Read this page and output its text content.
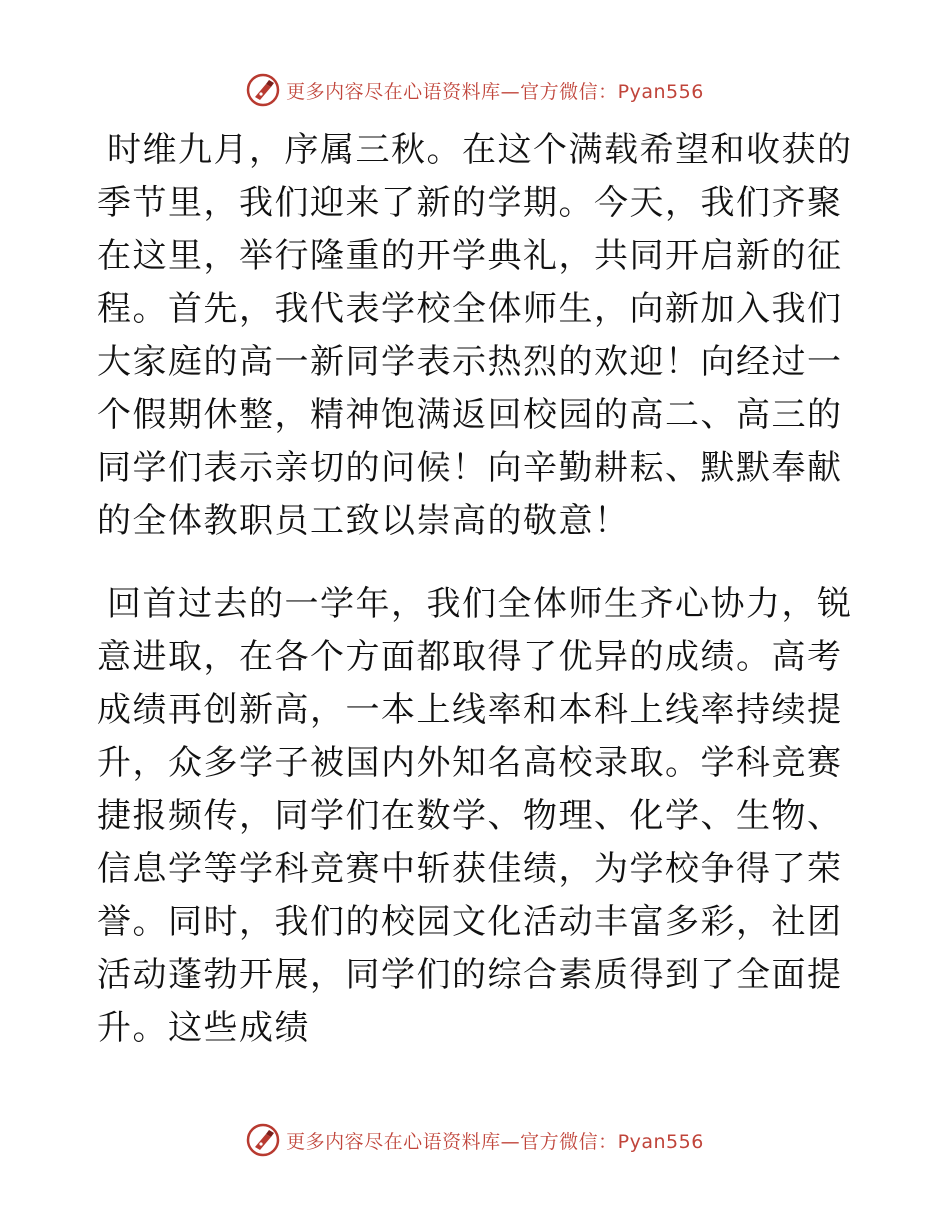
更多内容尽在心语资料库—官方微信：Pyan556

时维九月，序属三秋。在这个满载希望和收获的季节里，我们迎来了新的学期。今天，我们齐聚在这里，举行隆重的开学典礼，共同开启新的征程。首先，我代表学校全体师生，向新加入我们大家庭的高一新同学表示热烈的欢迎！向经过一个假期休整，精神饱满返回校园的高二、高三的同学们表示亲切的问候！向辛勤耕耘、默默奉献的全体教职员工致以崇高的敬意！

回首过去的一学年，我们全体师生齐心协力，锐意进取，在各个方面都取得了优异的成绩。高考成绩再创新高，一本上线率和本科上线率持续提升，众多学子被国内外知名高校录取。学科竞赛捷报频传，同学们在数学、物理、化学、生物、信息学等学科竞赛中斩获佳绩，为学校争得了荣誉。同时，我们的校园文化活动丰富多彩，社团活动蓬勃开展，同学们的综合素质得到了全面提升。这些成绩

更多内容尽在心语资料库—官方微信：Pyan556
